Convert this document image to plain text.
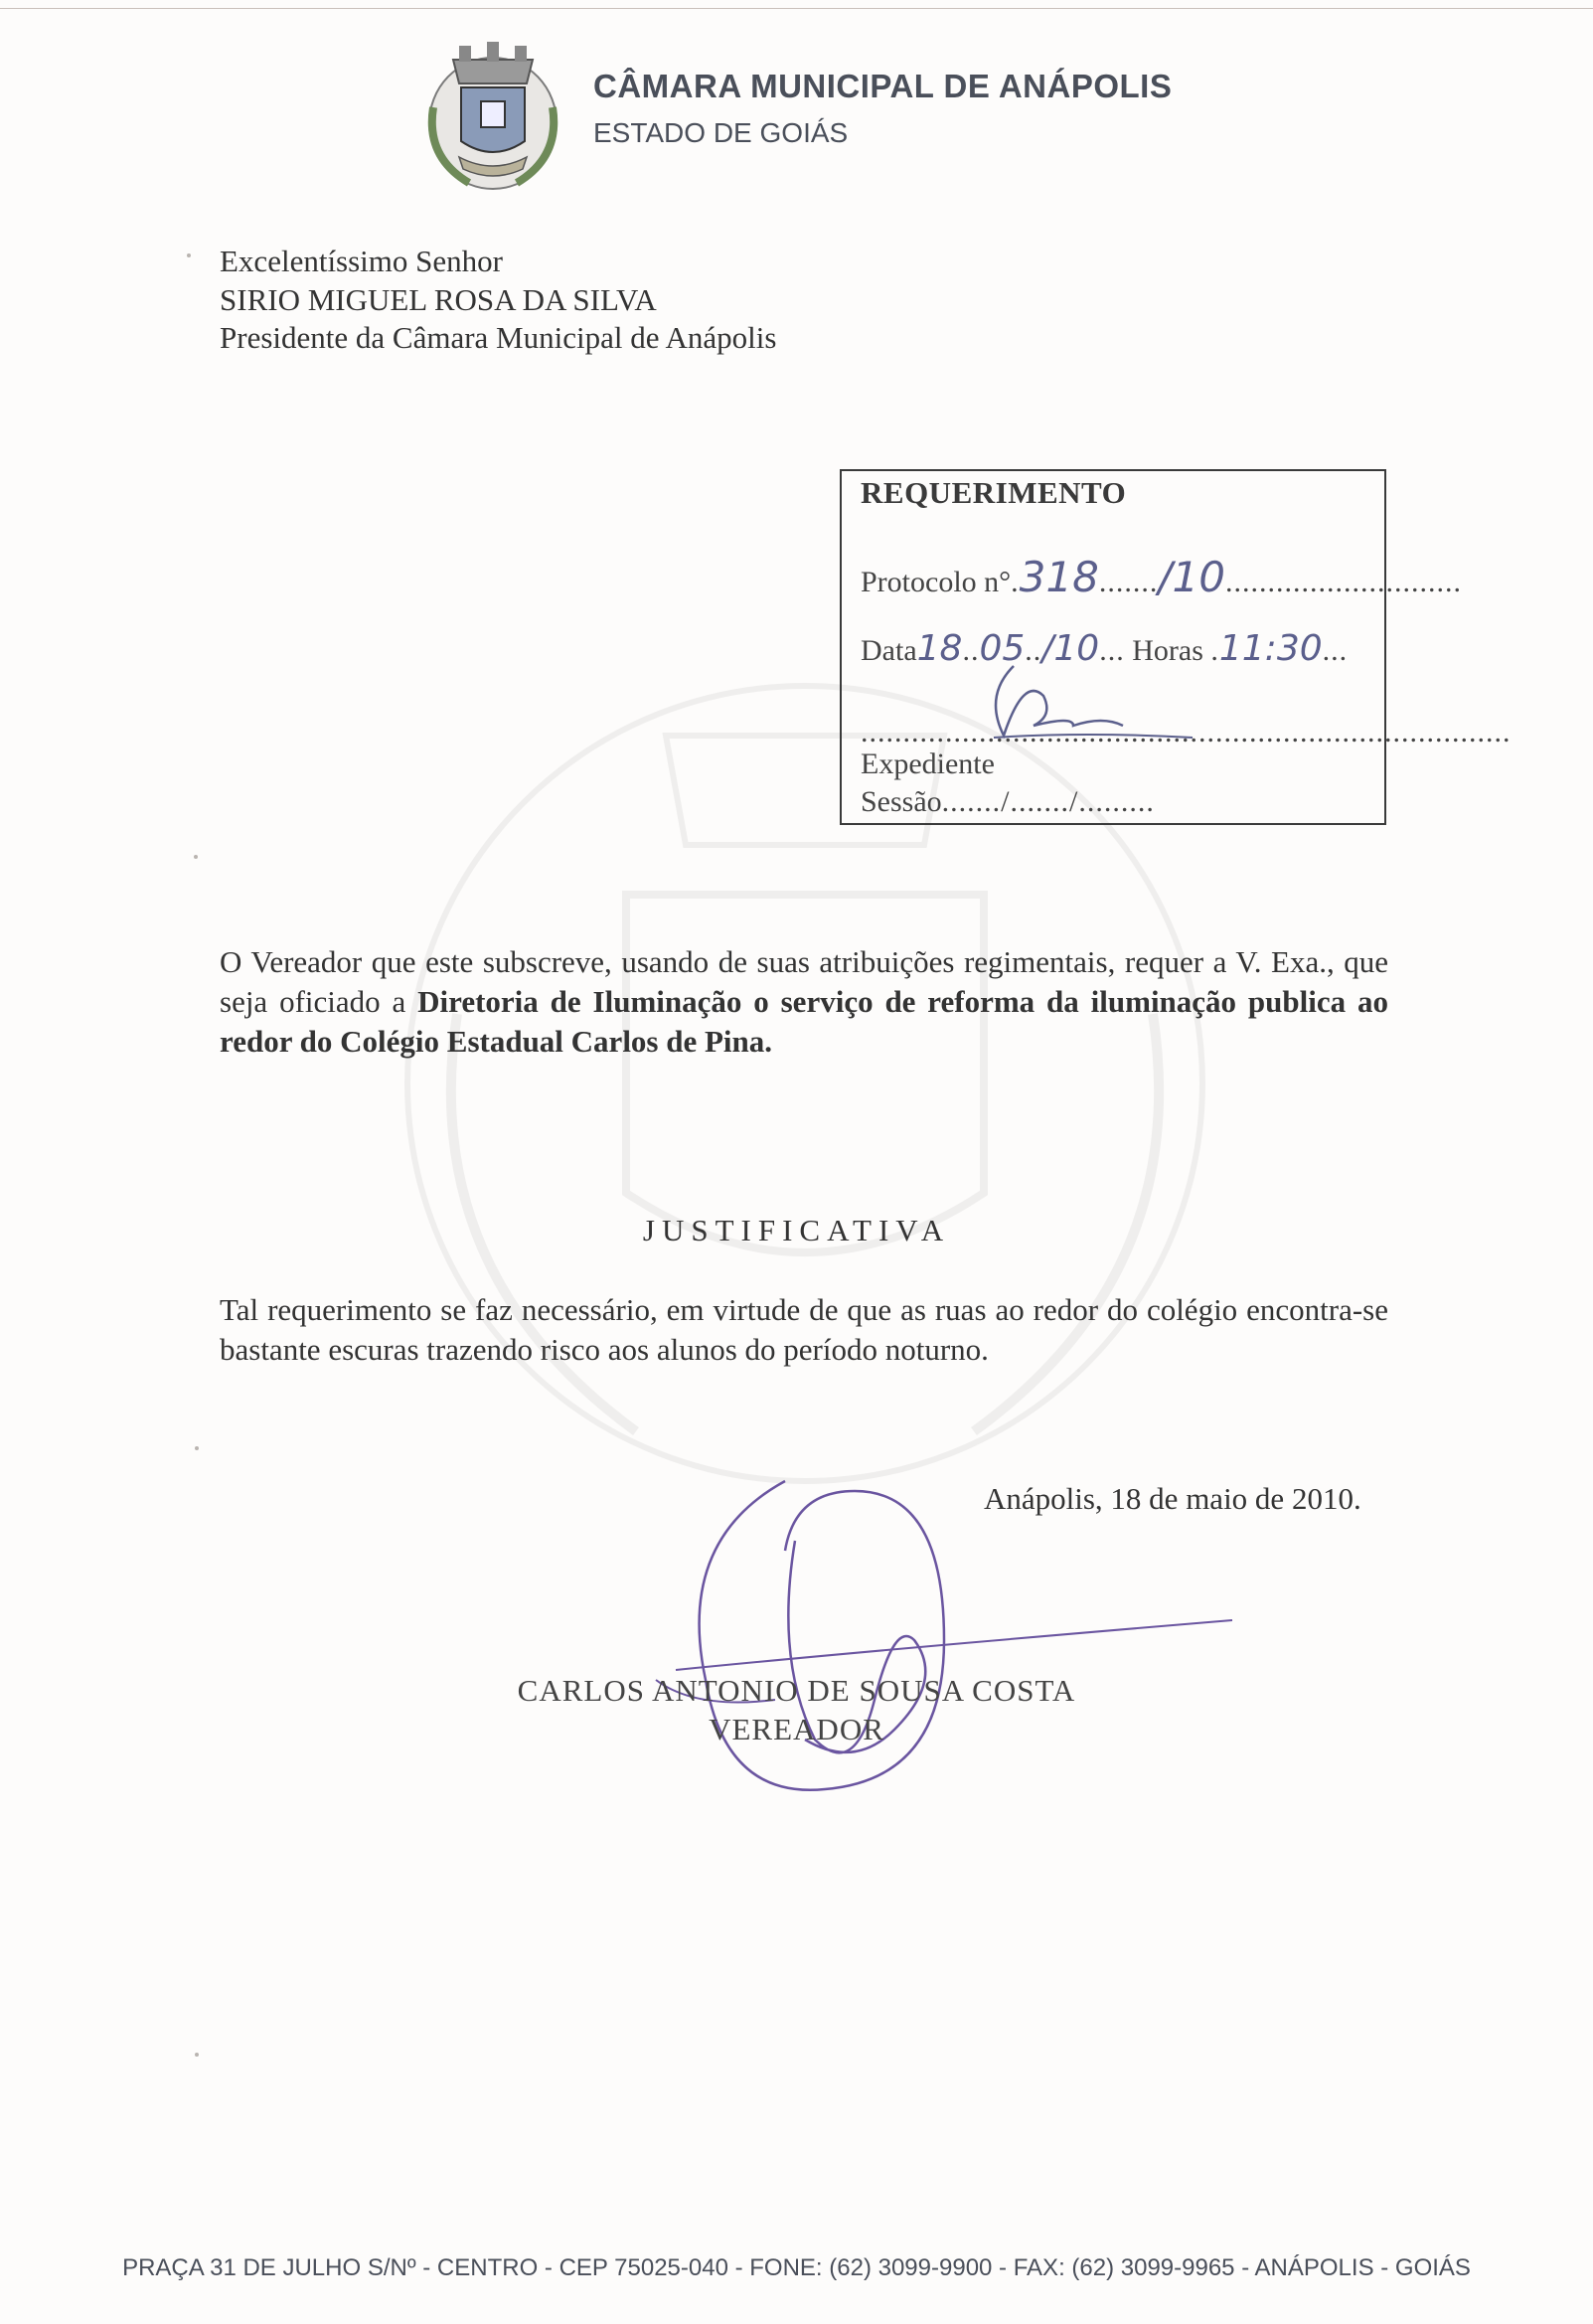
CÂMARA MUNICIPAL DE ANÁPOLIS
ESTADO DE GOIÁS
Excelentíssimo Senhor
SIRIO MIGUEL ROSA DA SILVA
Presidente da Câmara Municipal de Anápolis
REQUERIMENTO
Protocolo n°.318......./10............................
Data18..05../10... Horas .11:30...
.............................................................................
Expediente
Sessão......./......./.........
O Vereador que este subscreve, usando de suas atribuições regimentais, requer a V. Exa., que seja oficiado a Diretoria de Iluminação o serviço de reforma da iluminação publica ao redor do Colégio Estadual Carlos de Pina.
JUSTIFICATIVA
Tal requerimento se faz necessário, em virtude de que as ruas ao redor do colégio encontra-se bastante escuras trazendo risco aos alunos do período noturno.
Anápolis, 18 de maio de 2010.
CARLOS ANTONIO DE SOUSA COSTA
VEREADOR
PRAÇA 31 DE JULHO S/Nº - CENTRO - CEP 75025-040 - FONE: (62) 3099-9900 - FAX: (62) 3099-9965 - ANÁPOLIS - GOIÁS
